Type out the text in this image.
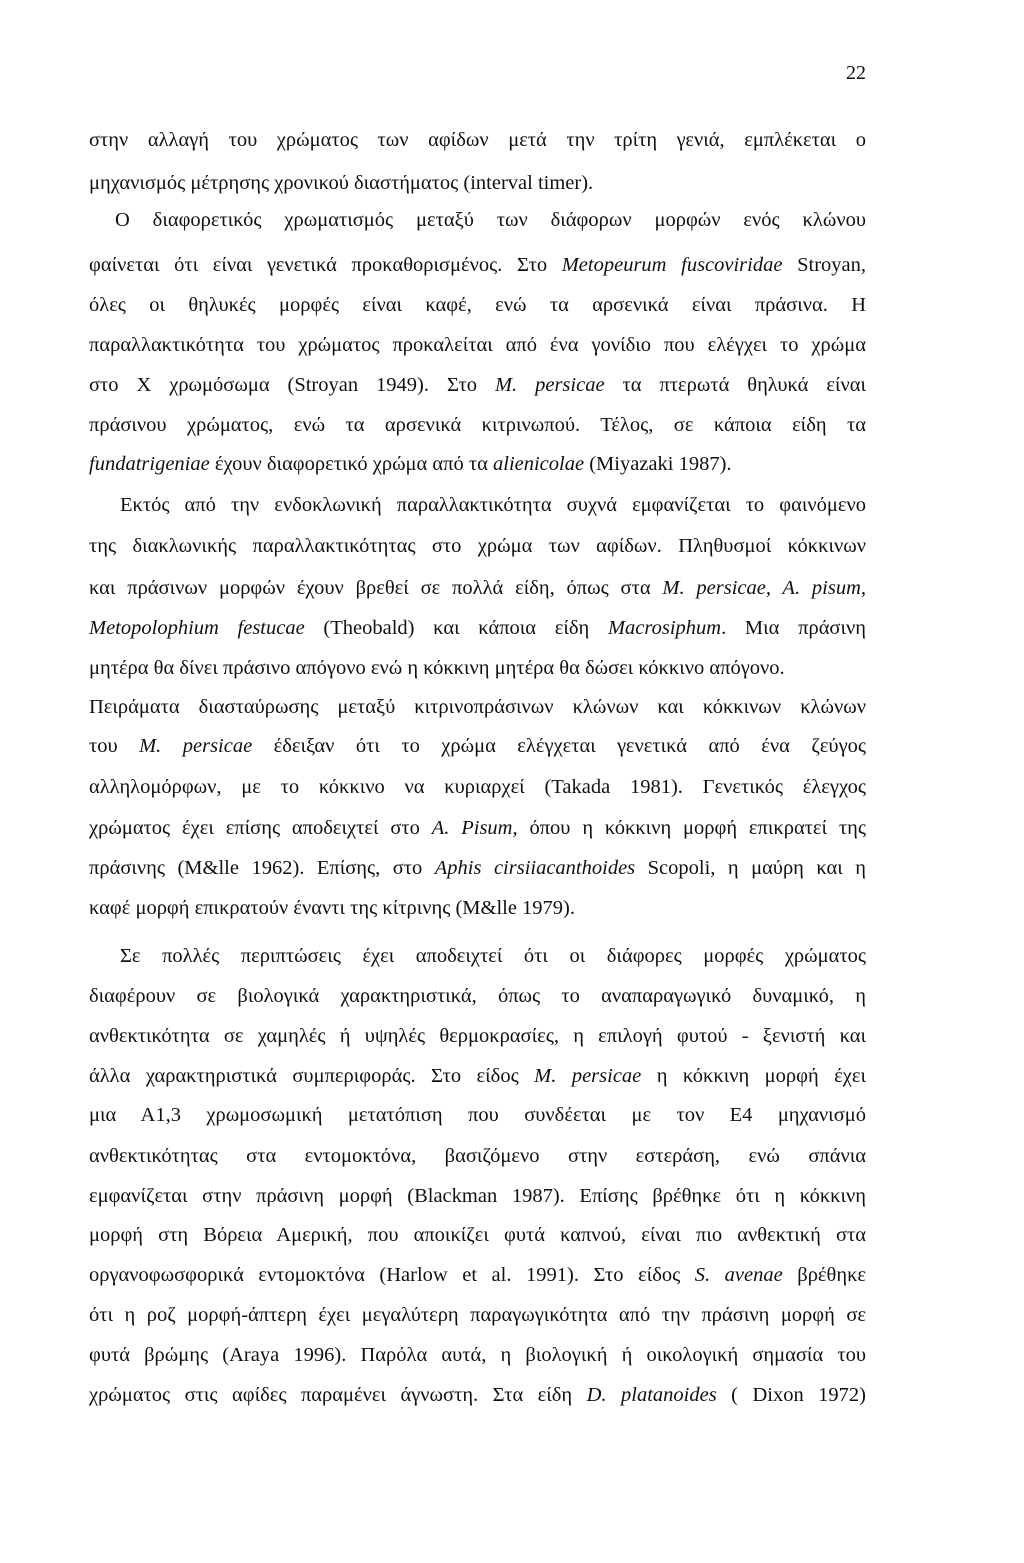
22
στην αλλαγή του χρώματος των αφίδων μετά την τρίτη γενιά, εμπλέκεται ο
μηχανισμός μέτρησης χρονικού διαστήματος (interval timer).
Ο διαφορετικός χρωματισμός μεταξύ των διάφορων μορφών ενός κλώνου
φαίνεται ότι είναι γενετικά προκαθορισμένος. Στο Metopeurum fuscoviridae Stroyan,
όλες οι θηλυκές μορφές είναι καφέ, ενώ τα αρσενικά είναι πράσινα. Η
παραλλακτικότητα του χρώματος προκαλείται από ένα γονίδιο που ελέγχει το χρώμα
στο Χ χρωμόσωμα (Stroyan 1949). Στο M. persicae τα πτερωτά θηλυκά είναι
πράσινου χρώματος, ενώ τα αρσενικά κιτρινωπού. Τέλος, σε κάποια είδη τα
fundatrigeniae έχουν διαφορετικό χρώμα από τα alienicolae (Miyazaki 1987).
Εκτός από την ενδοκλωνική παραλλακτικότητα συχνά εμφανίζεται το φαινόμενο
της διακλωνικής παραλλακτικότητας στο χρώμα των αφίδων. Πληθυσμοί κόκκινων
και πράσινων μορφών έχουν βρεθεί σε πολλά είδη, όπως στα M. persicae, A. pisum,
Metopolophium festucae (Theobald) και κάποια είδη Macrosiphum. Μια πράσινη
μητέρα θα δίνει πράσινο απόγονο ενώ η κόκκινη μητέρα θα δώσει κόκκινο απόγονο.
Πειράματα διασταύρωσης μεταξύ κιτρινοπράσινων κλώνων και κόκκινων κλώνων
του M. persicae έδειξαν ότι το χρώμα ελέγχεται γενετικά από ένα ζεύγος
αλληλομόρφων, με το κόκκινο να κυριαρχεί (Takada 1981). Γενετικός έλεγχος
χρώματος έχει επίσης αποδειχτεί στο A. Pisum, όπου η κόκκινη μορφή επικρατεί της
πράσινης (M&lle 1962). Επίσης, στο Aphis cirsiiacanthoides Scopoli, η μαύρη και η
καφέ μορφή επικρατούν έναντι της κίτρινης (M&lle 1979).
Σε πολλές περιπτώσεις έχει αποδειχτεί ότι οι διάφορες μορφές χρώματος
διαφέρουν σε βιολογικά χαρακτηριστικά, όπως το αναπαραγωγικό δυναμικό, η
ανθεκτικότητα σε χαμηλές ή υψηλές θερμοκρασίες, η επιλογή φυτού - ξενιστή και
άλλα χαρακτηριστικά συμπεριφοράς. Στο είδος M. persicae η κόκκινη μορφή έχει
μια Α1,3 χρωμοσωμική μετατόπιση που συνδέεται με τον Ε4 μηχανισμό
ανθεκτικότητας στα εντομοκτόνα, βασιζόμενο στην εστεράση, ενώ σπάνια
εμφανίζεται στην πράσινη μορφή (Blackman 1987). Επίσης βρέθηκε ότι η κόκκινη
μορφή στη Βόρεια Αμερική, που αποικίζει φυτά καπνού, είναι πιο ανθεκτική στα
οργανοφωσφορικά εντομοκτόνα (Harlow et al. 1991). Στο είδος S. avenae βρέθηκε
ότι η ροζ μορφή-άπτερη έχει μεγαλύτερη παραγωγικότητα από την πράσινη μορφή σε
φυτά βρώμης (Araya 1996). Παρόλα αυτά, η βιολογική ή οικολογική σημασία του
χρώματος στις αφίδες παραμένει άγνωστη. Στα είδη D. platanoides ( Dixon 1972)
